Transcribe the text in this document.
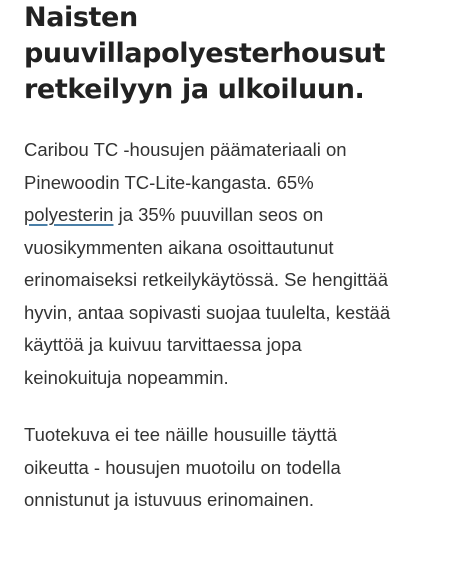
Naisten
puuvillapolyesterhousut
retkeilyyn ja ulkoiluun.

Caribou TC -housujen päämateriaali on
Pinewoodin TC-Lite-kangasta. 65%
polyesterin ja 35% puuvillan seos on
vuosikymmenten aikana osoittautunut
erinomaiseksi retkeilykäytössä. Se hengittää
hyvin, antaa sopivasti suojaa tuulelta, kestää
käyttöä ja kuivuu tarvittaessa jopa
keinokuituja nopeammin.

Tuotekuva ei tee näille housuille täyttä
oikeutta - housujen muotoilu on todella
onnistunut ja istuvuus erinomainen.
